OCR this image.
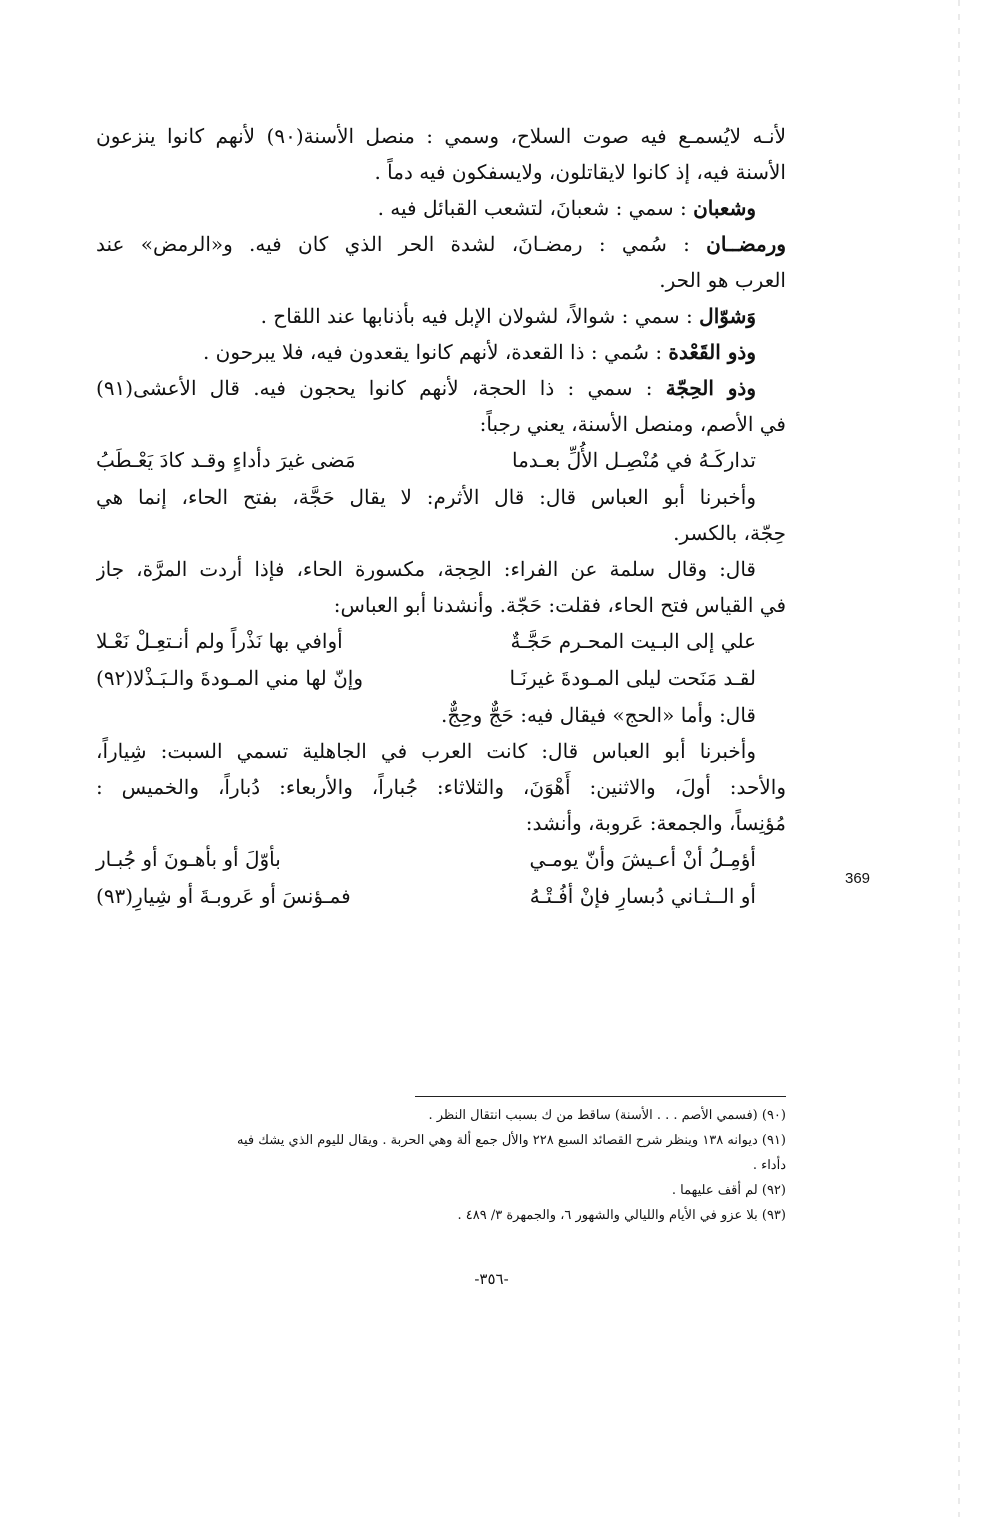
لأنـه لايُسمـع فيه صوت السلاح، وسمي : منصل الأسنة(٩٠) لأنهم كانوا ينزعون

الأسنة فيه، إذ كانوا لايقاتلون، ولايسفكون فيه دماً .

وشعبان : سمي : شعبانَ، لتشعب القبائل فيه .

ورمضــان : سُمي : رمضـانَ، لشدة الحر الذي كان فيه. و«الرمض» عند

العرب هو الحر.

وَشوّال : سمي : شوالاً، لشولان الإبل فيه بأذنابها عند اللقاح .

وذو القَعْدة : سُمي : ذا القعدة، لأنهم كانوا يقعدون فيه، فلا يبرحون .

وذو الحِجّة : سمي : ذا الحجة، لأنهم كانوا يحجون فيه. قال الأعشى(٩١)

في الأصم، ومنصل الأسنة، يعني رجباً:

تداركَـهُ في مُنْصِـل الأُلِّ بعـدما
مَضى غيرَ دأداءٍ وقـد كادَ يَعْـطَبُ

وأخبرنا أبو العباس قال: قال الأثرم: لا يقال حَجَّة، بفتح الحاء، إنما هي

حِجّة، بالكسر.

قال: وقال سلمة عن الفراء: الحِجة، مكسورة الحاء، فإذا أردت المرَّة، جاز

في القياس فتح الحاء، فقلت: حَجّة. وأنشدنا أبو العباس:

علي إلى البـيت المحـرم حَجَّـةٌ
أوافي بها نَذْراً ولم أنـتعِـلْ نَعْـلا
لقـد مَنَحت ليلى المـودةَ غيرنَـا
وإنّ لها مني المـودةَ والـبَـذْلا(٩٢)

قال: وأما «الحج» فيقال فيه: حَجٌّ وحِجٌّ.

وأخبرنا أبو العباس قال: كانت العرب في الجاهلية تسمي السبت: شِياراً،

والأحد: أولَ، والاثنين: أَهْوَنَ، والثلاثاء: جُباراً، والأربعاء: دُباراً، والخميس :

مُؤنِساً، والجمعة: عَروبة، وأنشد:

أؤمِـلُ أنْ أعـيشَ وأنّ يومـي
بأوّلَ أو بأهـونَ أو جُبـار
أو الــثـاني دُبسارِ فإنْ أفُـتْـهُ
فمـؤنسَ أو عَروبـةَ أو شِيارِ(٩٣)
369

(٩٠) (فسمي الأصم . . . الأسنة) ساقط من ك بسبب انتقال النظر .

(٩١) ديوانه ١٣٨ وينظر شرح القصائد السبع ٢٢٨ والأل جمع ألة وهي الحربة . ويقال لليوم الذي يشك فيه

دأداء .

(٩٢) لم أقف عليهما .

(٩٣) بلا عزو في الأيام والليالي والشهور ٦، والجمهرة ٣/ ٤٨٩ .

-٣٥٦-
